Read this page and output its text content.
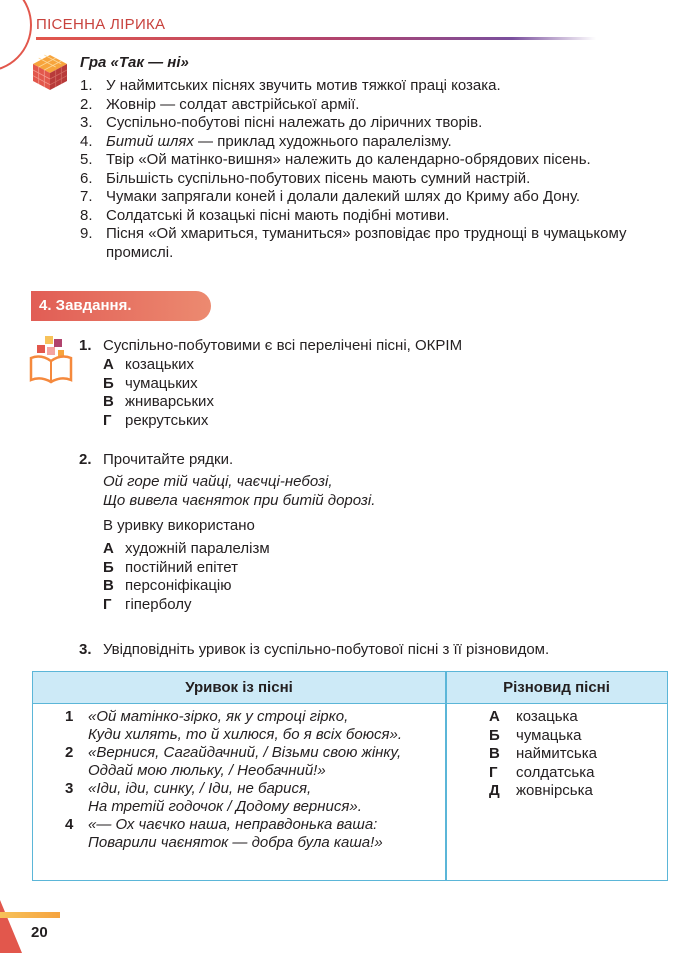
ПІСЕННА ЛІРИКА
Гра «Так — ні»
1. У наймитських піснях звучить мотив тяжкої праці козака.
2. Жовнір — солдат австрійської армії.
3. Суспільно-побутові пісні належать до ліричних творів.
4. Битий шлях — приклад художнього паралелізму.
5. Твір «Ой матінко-вишня» належить до календарно-обрядових пісень.
6. Більшість суспільно-побутових пісень мають сумний настрій.
7. Чумаки запрягали коней і долали далекий шлях до Криму або Дону.
8. Солдатські й козацькі пісні мають подібні мотиви.
9. Пісня «Ой хмариться, туманиться» розповідає про труднощі в чумацькому промислі.
4. Завдання.
1. Суспільно-побутовими є всі перелічені пісні, ОКРІМ
А козацьких
Б чумацьких
В жниварських
Г рекрутських
2. Прочитайте рядки.
Ой горе тій чайці, чаєчці-небозі,
Що вивела чаєняток при битій дорозі.
В уривку використано
А художній паралелізм
Б постійний епітет
В персоніфікацію
Г гіперболу
3. Увідповідніть уривок із суспільно-побутової пісні з її різновидом.
Уривок із пісні	Різновид пісні
1 «Ой матінко-зірко, як у строці гірко,
Куди хилять, то й хилюся, бо я всіх боюся».
2 «Вернися, Сагайдачний, / Візьми свою жінку,
Оддай мою люльку, / Необачний!»
3 «Іди, іди, синку, / Іди, не барися,
На третій годочок / Додому вернися».
4 «— Ох чаєчко наша, неправдонька ваша:
Поварили чаєняток — добра була каша!»
А козацька
Б чумацька
В наймитська
Г солдатська
Д жовнірська
20
